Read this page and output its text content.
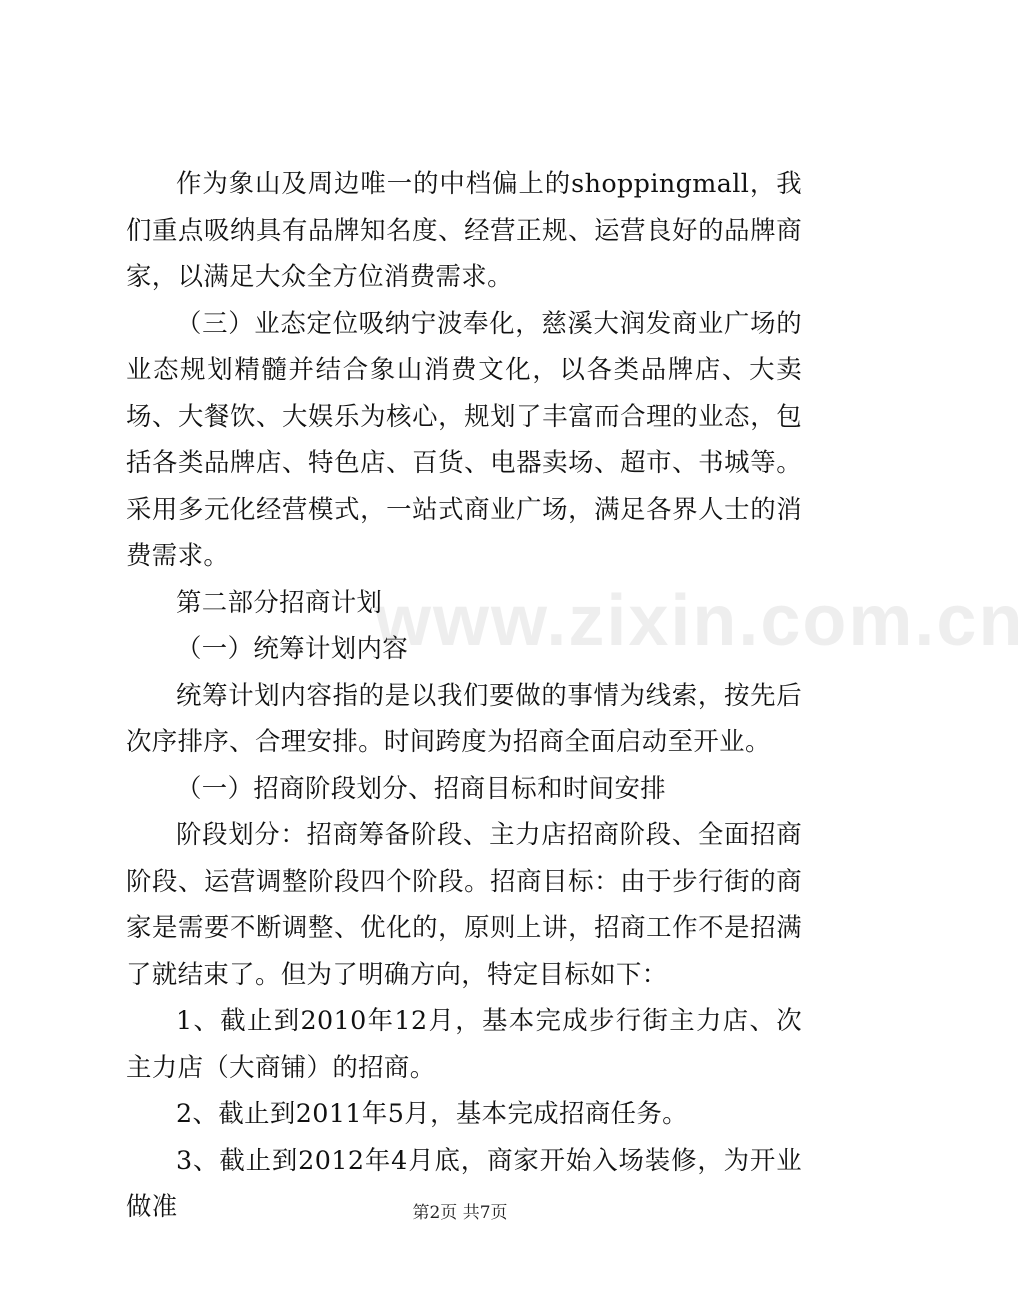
www.zixin.com.cn

作为象山及周边唯一的中档偏上的shoppingmall，我们重点吸纳具有品牌知名度、经营正规、运营良好的品牌商家，以满足大众全方位消费需求。

（三）业态定位吸纳宁波奉化，慈溪大润发商业广场的业态规划精髓并结合象山消费文化，以各类品牌店、大卖场、大餐饮、大娱乐为核心，规划了丰富而合理的业态，包括各类品牌店、特色店、百货、电器卖场、超市、书城等。采用多元化经营模式，一站式商业广场，满足各界人士的消费需求。

第二部分招商计划

（一）统筹计划内容

统筹计划内容指的是以我们要做的事情为线索，按先后次序排序、合理安排。时间跨度为招商全面启动至开业。

（一）招商阶段划分、招商目标和时间安排

阶段划分：招商筹备阶段、主力店招商阶段、全面招商阶段、运营调整阶段四个阶段。招商目标：由于步行街的商家是需要不断调整、优化的，原则上讲，招商工作不是招满了就结束了。但为了明确方向，特定目标如下：

1、截止到2010年12月，基本完成步行街主力店、次主力店（大商铺）的招商。

2、截止到2011年5月，基本完成招商任务。

3、截止到2012年4月底，商家开始入场装修，为开业做准	第2页 共7页
